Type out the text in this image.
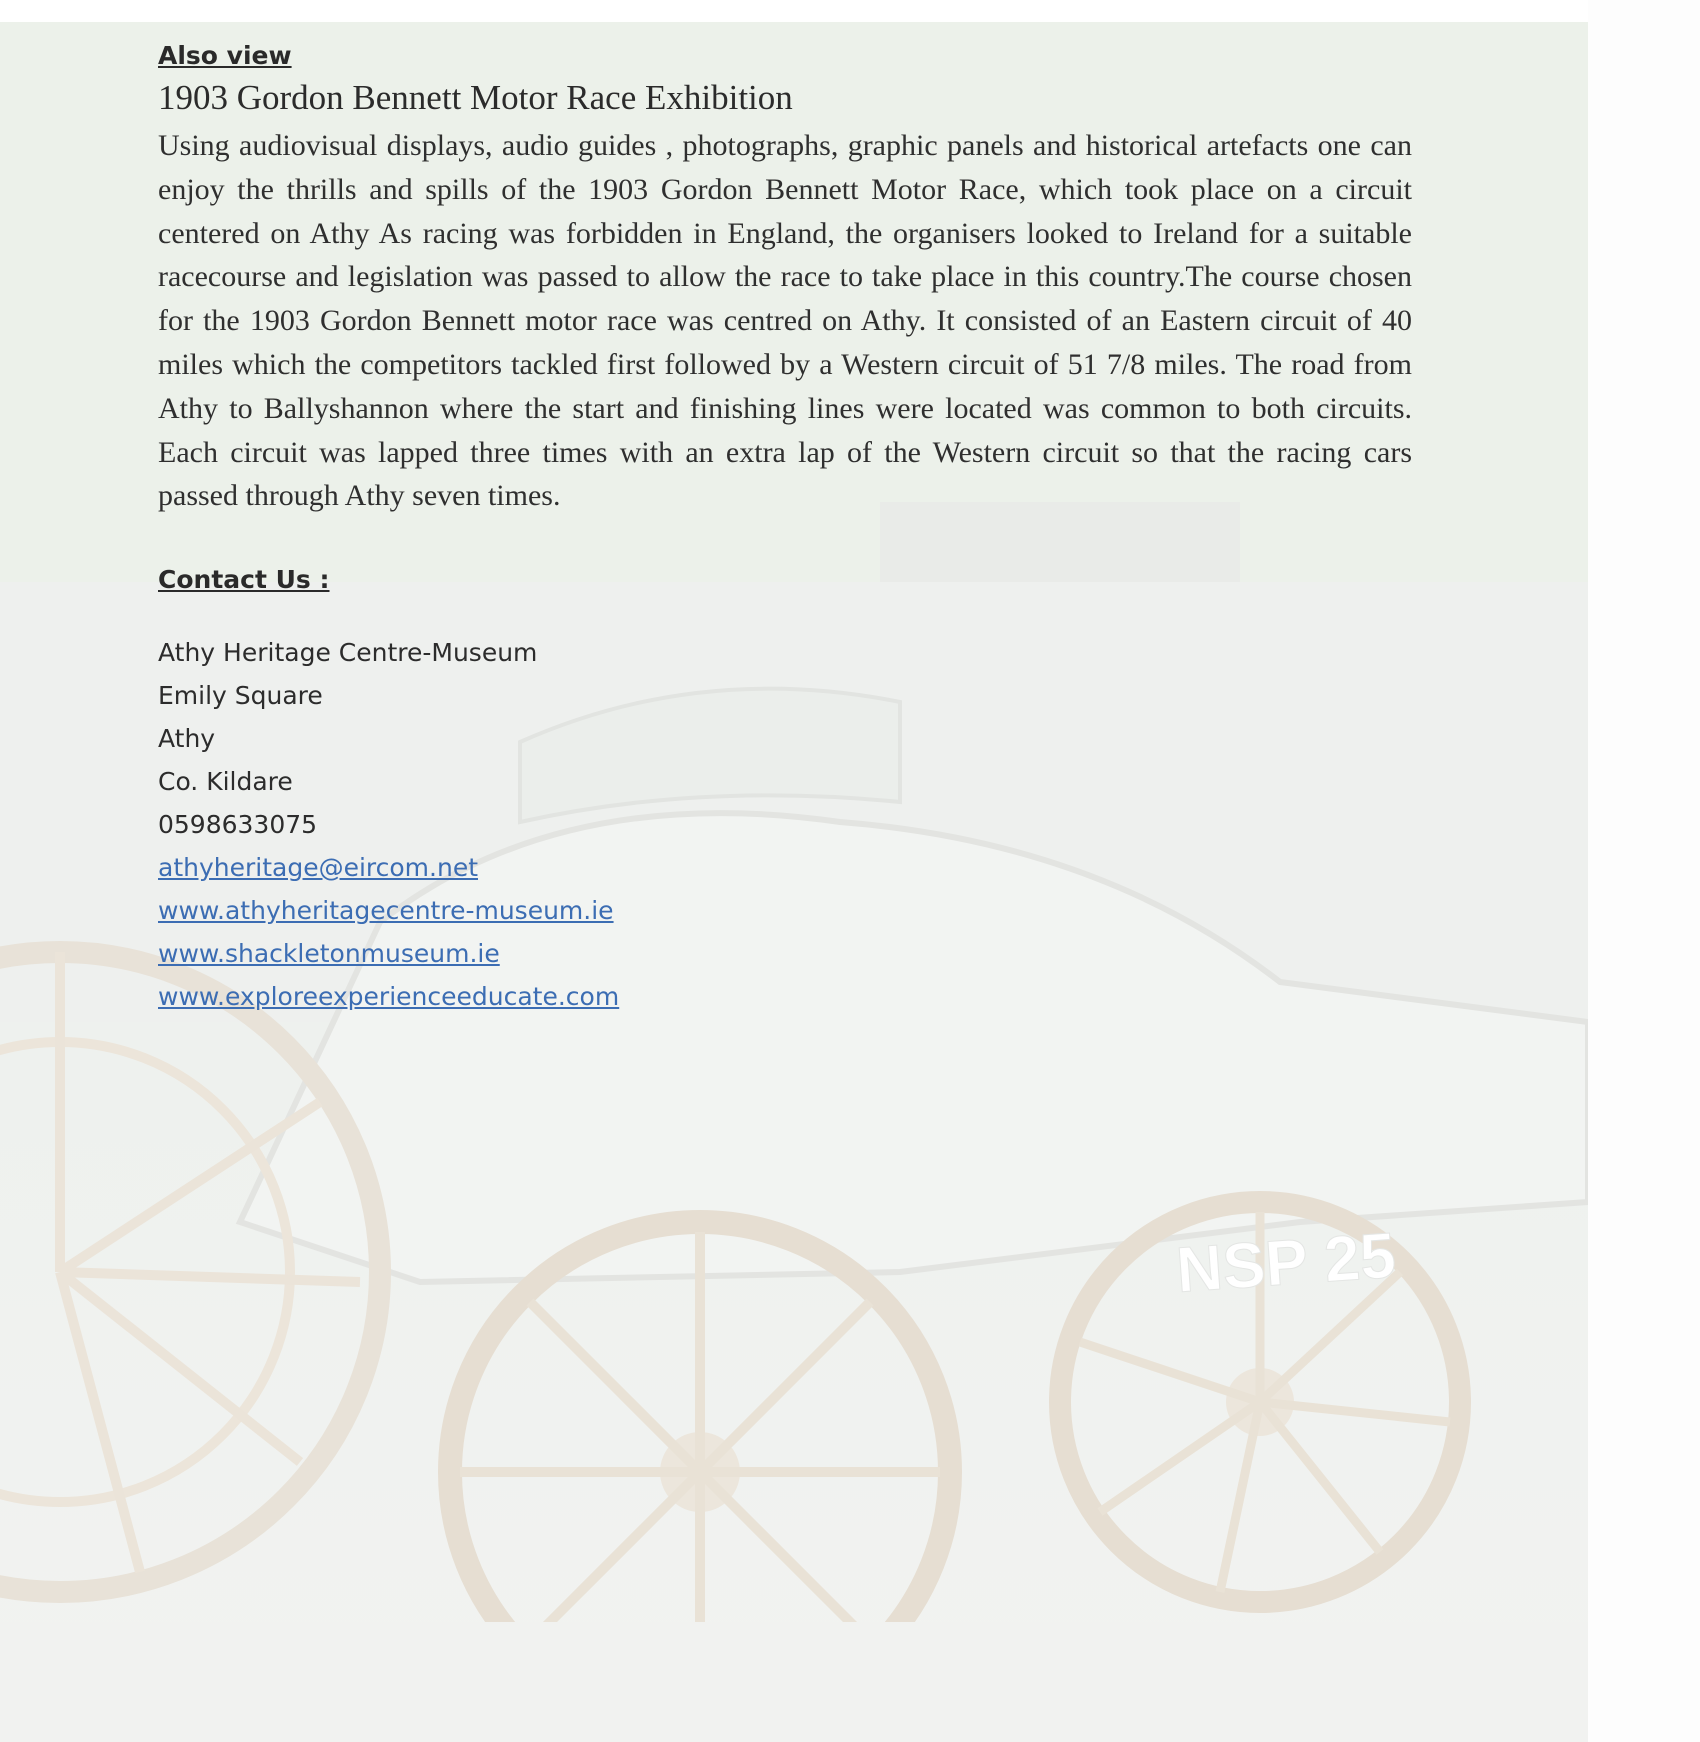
NSP 25

Also view

1903 Gordon Bennett Motor Race Exhibition

Using audiovisual displays, audio guides , photographs, graphic panels and historical artefacts one can enjoy the thrills and spills of the 1903 Gordon Bennett Motor Race, which took place on a circuit centered on Athy As racing was forbidden in England, the organisers looked to Ireland for a suitable racecourse and legislation was passed to allow the race to take place in this country.The course chosen for the 1903 Gordon Bennett motor race was centred on Athy. It consisted of an Eastern circuit of 40 miles which the competitors tackled first followed by a Western circuit of 51 7/8 miles. The road from Athy to Ballyshannon where the start and finishing lines were located was common to both circuits. Each circuit was lapped three times with an extra lap of the Western circuit so that the racing cars passed through Athy seven times.

Contact Us :

Athy Heritage Centre-Museum
Emily Square
Athy
Co. Kildare
0598633075
athyheritage@eircom.net
www.athyheritagecentre-museum.ie
www.shackletonmuseum.ie
www.exploreexperienceeducate.com
